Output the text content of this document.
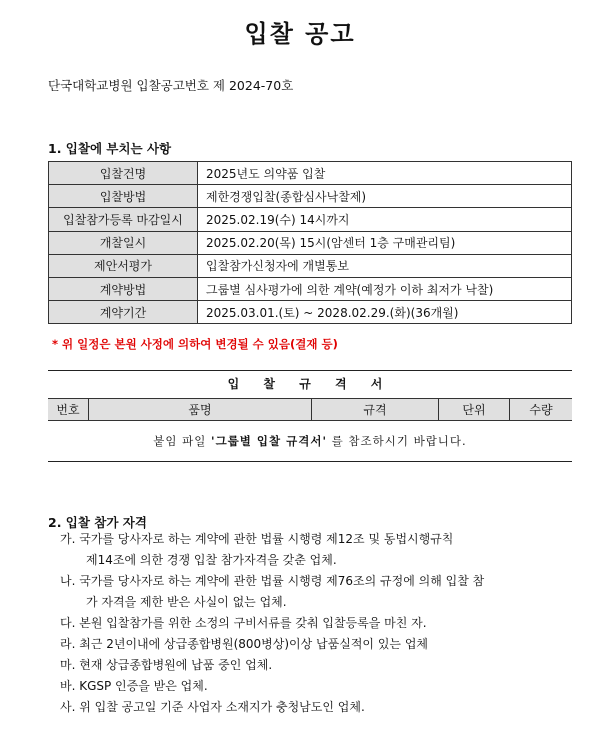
입찰 공고
단국대학교병원 입찰공고번호 제 2024-70호
1. 입찰에 부치는 사항
입찰건명	2025년도 의약품 입찰
입찰방법	제한경쟁입찰(종합심사낙찰제)
입찰참가등록 마감일시	2025.02.19(수) 14시까지
개찰일시	2025.02.20(목) 15시(암센터 1층 구매관리팀)
제안서평가	입찰참가신청자에 개별통보
계약방법	그룹별 심사평가에 의한 계약(예정가 이하 최저가 낙찰)
계약기간	2025.03.01.(토) ~ 2028.02.29.(화)(36개월)
* 위 일정은 본원 사정에 의하여 변경될 수 있음(결재 등)
입 찰 규 격 서
번호	품명	규격	단위	수량
붙임 파일 '그룹별 입찰 규격서' 를 참조하시기 바랍니다.
2. 입찰 참가 자격
가. 국가를 당사자로 하는 계약에 관한 법률 시행령 제12조 및 동법시행규칙
제14조에 의한 경쟁 입찰 참가자격을 갖춘 업체.
나. 국가를 당사자로 하는 계약에 관한 법률 시행령 제76조의 규정에 의해 입찰 참
가 자격을 제한 받은 사실이 없는 업체.
다. 본원 입찰참가를 위한 소정의 구비서류를 갖춰 입찰등록을 마친 자.
라. 최근 2년이내에 상급종합병원(800병상)이상 납품실적이 있는 업체
마. 현재 상급종합병원에 납품 중인 업체.
바. KGSP 인증을 받은 업체.
사. 위 입찰 공고일 기준 사업자 소재지가 충청남도인 업체.
